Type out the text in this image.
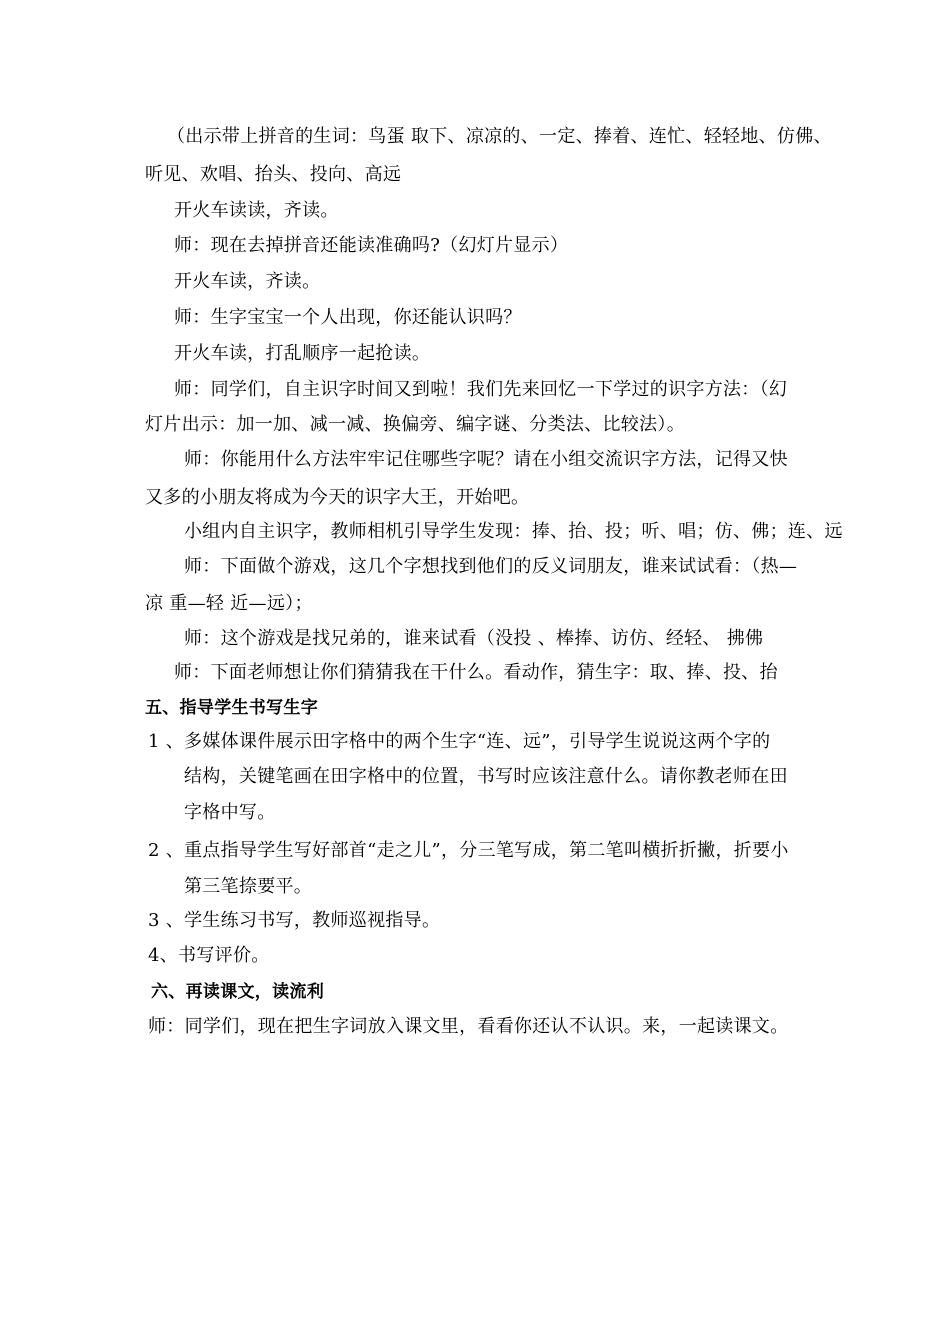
（出示带上拼音的生词：鸟蛋 取下、凉凉的、一定、捧着、连忙、轻轻地、仿佛、
听见、欢唱、抬头、投向、高远
开火车读读，齐读。
师：现在去掉拼音还能读准确吗?（幻灯片显示）
开火车读，齐读。
师：生字宝宝一个人出现，你还能认识吗？
开火车读，打乱顺序一起抢读。
师：同学们，自主识字时间又到啦！我们先来回忆一下学过的识字方法：（幻
灯片出示：加一加、减一减、换偏旁、编字谜、分类法、比较法）。
师：你能用什么方法牢牢记住哪些字呢？请在小组交流识字方法，记得又快
又多的小朋友将成为今天的识字大王，开始吧。
小组内自主识字，教师相机引导学生发现：捧、抬、投；听、唱；仿、佛；连、远
师：下面做个游戏，这几个字想找到他们的反义词朋友，谁来试试看：（热—
凉 重—轻 近—远）；
师：这个游戏是找兄弟的，谁来试看（没投 、棒捧、访仿、经轻、 拂佛
师：下面老师想让你们猜猜我在干什么。看动作，猜生字：取、捧、投、抬
五、指导学生书写生字
1 、多媒体课件展示田字格中的两个生字“连、远”，引导学生说说这两个字的
结构，关键笔画在田字格中的位置，书写时应该注意什么。请你教老师在田
字格中写。
2 、重点指导学生写好部首“走之儿”，分三笔写成，第二笔叫横折折撇，折要小
第三笔捺要平。
3 、学生练习书写，教师巡视指导。
4、书写评价。
六、再读课文，读流利
师：同学们，现在把生字词放入课文里，看看你还认不认识。来，一起读课文。
